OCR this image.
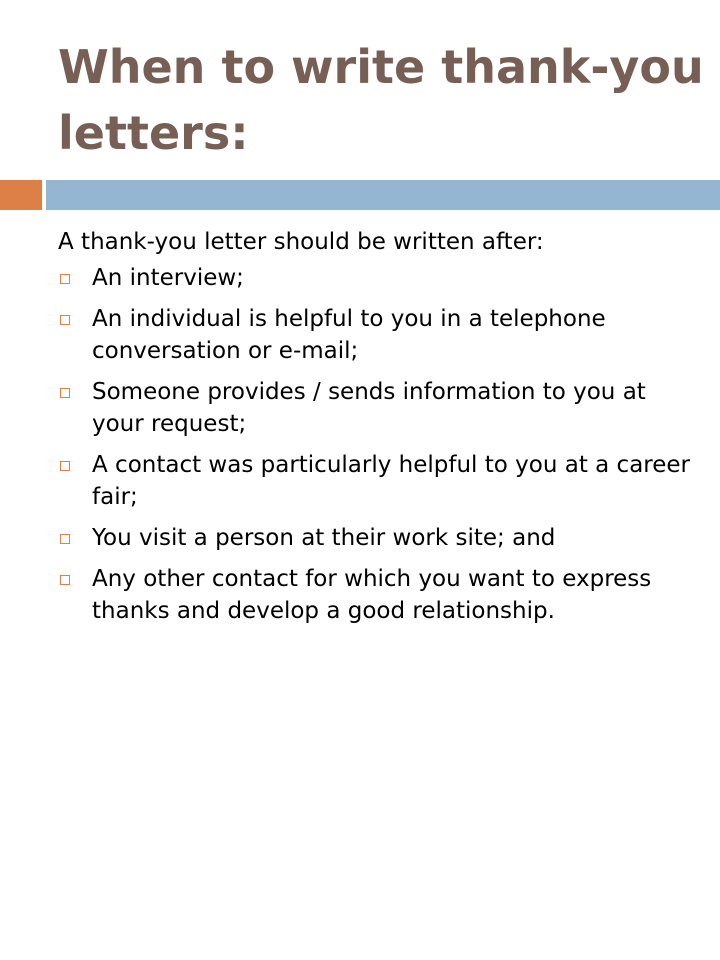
When to write thank-you letters:

A thank-you letter should be written after:

An interview;
An individual is helpful to you in a telephone conversation or e-mail;
Someone provides / sends information to you at your request;
A contact was particularly helpful to you at a career fair;
You visit a person at their work site; and
Any other contact for which you want to express thanks and develop a good relationship.
